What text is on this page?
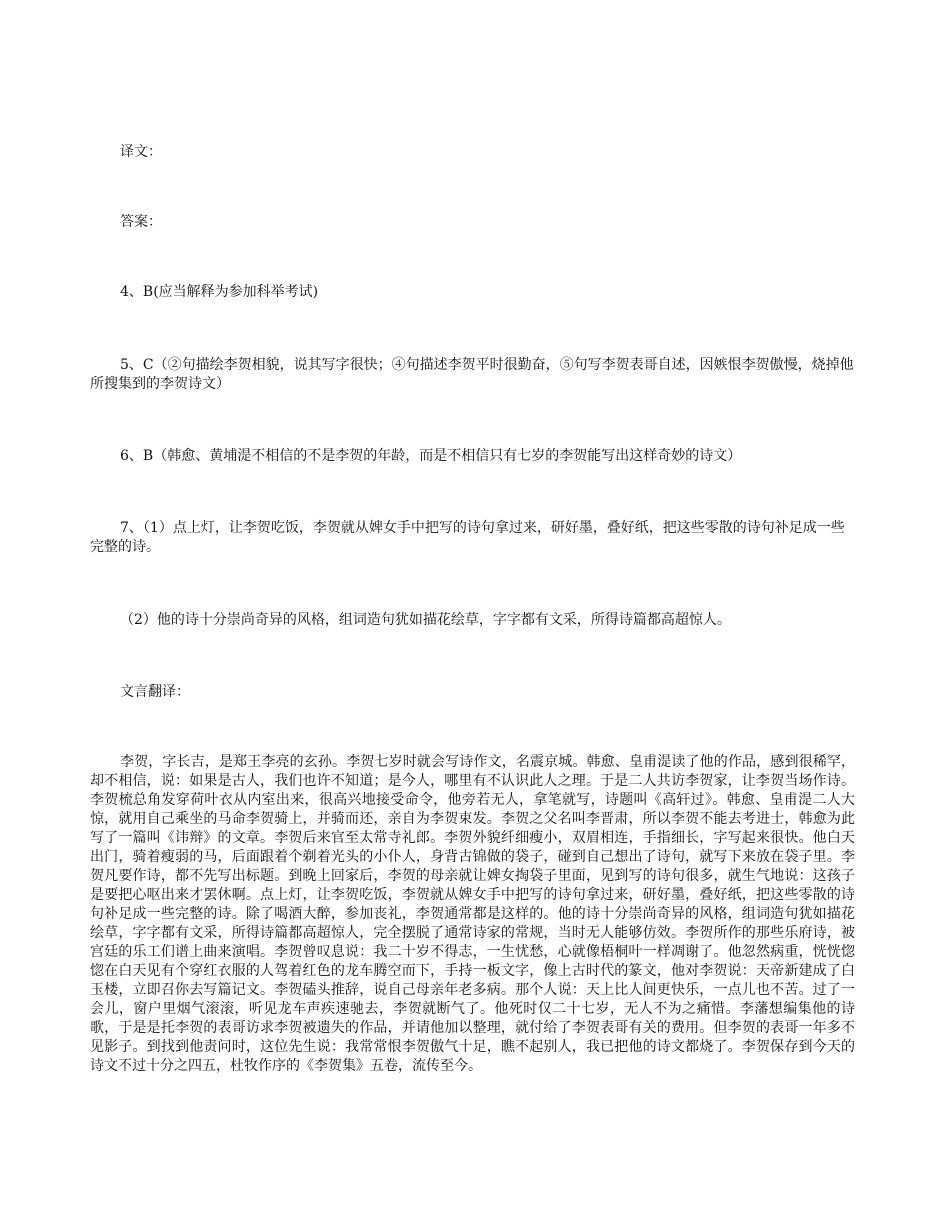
译文：

答案：

4、B(应当解释为参加科举考试)

5、C（②句描绘李贺相貌，说其写字很快；④句描述李贺平时很勤奋，⑤句写李贺表哥自述，因嫉恨李贺傲慢，烧掉他所搜集到的李贺诗文）

6、B（韩愈、黄埔湜不相信的不是李贺的年龄，而是不相信只有七岁的李贺能写出这样奇妙的诗文）

7、（1）点上灯，让李贺吃饭，李贺就从婢女手中把写的诗句拿过来，研好墨，叠好纸，把这些零散的诗句补足成一些完整的诗。

（2）他的诗十分崇尚奇异的风格，组词造句犹如描花绘草，字字都有文采，所得诗篇都高超惊人。

文言翻译：

李贺，字长吉，是郑王李亮的玄孙。李贺七岁时就会写诗作文，名震京城。韩愈、皇甫湜读了他的作品，感到很稀罕，却不相信，说：如果是古人，我们也许不知道；是今人，哪里有不认识此人之理。于是二人共访李贺家，让李贺当场作诗。李贺梳总角发穿荷叶衣从内室出来，很高兴地接受命令，他旁若无人，拿笔就写，诗题叫《高轩过》。韩愈、皇甫湜二人大惊，就用自己乘坐的马命李贺骑上，并骑而还，亲自为李贺束发。李贺之父名叫李晋肃，所以李贺不能去考进士，韩愈为此写了一篇叫《讳辩》的文章。李贺后来官至太常寺礼郎。李贺外貌纤细瘦小，双眉相连，手指细长，字写起来很快。他白天出门，骑着瘦弱的马，后面跟着个剃着光头的小仆人，身背古锦做的袋子，碰到自己想出了诗句，就写下来放在袋子里。李贺凡要作诗，都不先写出标题。到晚上回家后，李贺的母亲就让婢女掏袋子里面，见到写的诗句很多，就生气地说：这孩子是要把心呕出来才罢休啊。点上灯，让李贺吃饭，李贺就从婢女手中把写的诗句拿过来，研好墨，叠好纸，把这些零散的诗句补足成一些完整的诗。除了喝酒大醉，参加丧礼，李贺通常都是这样的。他的诗十分崇尚奇异的风格，组词造句犹如描花绘草，字字都有文采，所得诗篇都高超惊人，完全摆脱了通常诗家的常规，当时无人能够仿效。李贺所作的那些乐府诗，被宫廷的乐工们谱上曲来演唱。李贺曾叹息说：我二十岁不得志，一生忧愁，心就像梧桐叶一样凋谢了。他忽然病重，恍恍惚惚在白天见有个穿红衣服的人驾着红色的龙车腾空而下，手持一板文字，像上古时代的篆文，他对李贺说：天帝新建成了白玉楼，立即召你去写篇记文。李贺磕头推辞，说自己母亲年老多病。那个人说：天上比人间更快乐，一点儿也不苦。过了一会儿，窗户里烟气滚滚，听见龙车声疾速驰去，李贺就断气了。他死时仅二十七岁，无人不为之痛惜。李藩想编集他的诗歌，于是是托李贺的表哥访求李贺被遗失的作品，并请他加以整理，就付给了李贺表哥有关的费用。但李贺的表哥一年多不见影子。到找到他责问时，这位先生说：我常常恨李贺傲气十足，瞧不起别人，我已把他的诗文都烧了。李贺保存到今天的诗文不过十分之四五，杜牧作序的《李贺集》五卷，流传至今。
